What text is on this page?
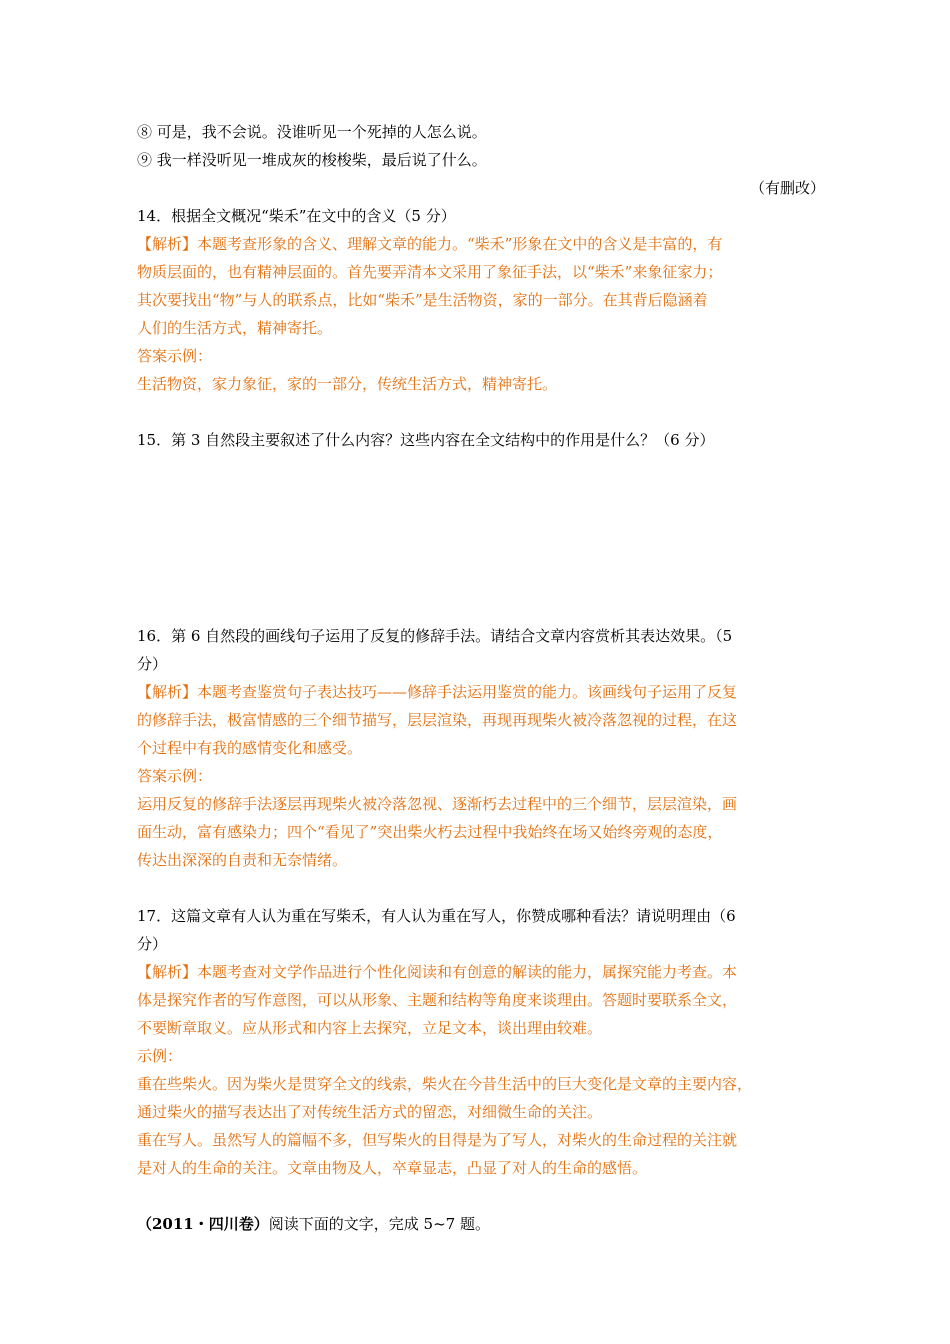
⑧ 可是，我不会说。没谁听见一个死掉的人怎么说。
⑨ 我一样没听见一堆成灰的梭梭柴，最后说了什么。
（有删改）
14．根据全文概况“柴禾”在文中的含义（5 分）
【解析】本题考查形象的含义、理解文章的能力。“柴禾”形象在文中的含义是丰富的，有
物质层面的，也有精神层面的。首先要弄清本文采用了象征手法，以“柴禾”来象征家力；
其次要找出“物”与人的联系点，比如“柴禾”是生活物资，家的一部分。在其背后隐涵着
人们的生活方式，精神寄托。
答案示例：
生活物资，家力象征，家的一部分，传统生活方式，精神寄托。
15．第 3 自然段主要叙述了什么内容？这些内容在全文结构中的作用是什么？（6 分）
16．第 6 自然段的画线句子运用了反复的修辞手法。请结合文章内容赏析其表达效果。（5
分）
【解析】本题考查鉴赏句子表达技巧——修辞手法运用鉴赏的能力。该画线句子运用了反复
的修辞手法，极富情感的三个细节描写，层层渲染，再现再现柴火被冷落忽视的过程，在这
个过程中有我的感情变化和感受。
答案示例：
运用反复的修辞手法逐层再现柴火被冷落忽视、逐渐朽去过程中的三个细节，层层渲染，画
面生动，富有感染力；四个“看见了”突出柴火朽去过程中我始终在场又始终旁观的态度，
传达出深深的自责和无奈情绪。
17．这篇文章有人认为重在写柴禾，有人认为重在写人，你赞成哪种看法？请说明理由（6
分）
【解析】本题考查对文学作品进行个性化阅读和有创意的解读的能力，属探究能力考查。本
体是探究作者的写作意图，可以从形象、主题和结构等角度来谈理由。答题时要联系全文，
不要断章取义。应从形式和内容上去探究，立足文本，谈出理由较难。
示例：
重在些柴火。因为柴火是贯穿全文的线索，柴火在今昔生活中的巨大变化是文章的主要内容，
通过柴火的描写表达出了对传统生活方式的留恋，对细微生命的关注。
重在写人。虽然写人的篇幅不多，但写柴火的目得是为了写人，对柴火的生命过程的关注就
是对人的生命的关注。文章由物及人，卒章显志，凸显了对人的生命的感悟。
（2011・四川卷）阅读下面的文字，完成 5~7 题。
